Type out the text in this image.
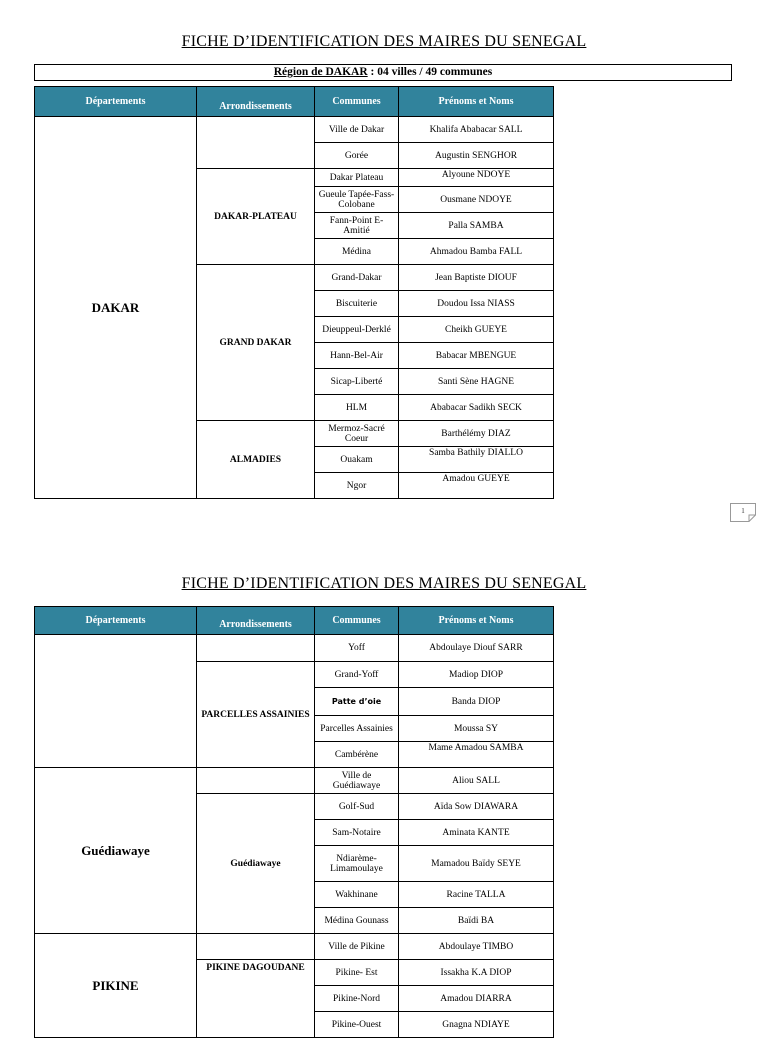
FICHE D’IDENTIFICATION DES MAIRES DU SENEGAL
Région de DAKAR : 04 villes / 49 communes
Départements	Arrondissements	Communes	Prénoms et Noms
DAKAR		Ville de Dakar	Khalifa Ababacar SALL
		Gorée	Augustin SENGHOR
	DAKAR-PLATEAU	Dakar Plateau	Alyoune NDOYE
		Gueule Tapée-Fass-Colobane	Ousmane NDOYE
		Fann-Point E-Amitié	Palla SAMBA
		Médina	Ahmadou Bamba FALL
	GRAND DAKAR	Grand-Dakar	Jean Baptiste DIOUF
		Biscuiterie	Doudou Issa NIASS
		Dieuppeul-Derklé	Cheikh GUEYE
		Hann-Bel-Air	Babacar MBENGUE
		Sicap-Liberté	Santi Sène HAGNE
		HLM	Ababacar Sadikh SECK
	ALMADIES	Mermoz-Sacré Coeur	Barthélémy DIAZ
		Ouakam	Samba Bathily DIALLO
		Ngor	Amadou GUEYE
1
FICHE D’IDENTIFICATION DES MAIRES DU SENEGAL
Départements	Arrondissements	Communes	Prénoms et Noms
		Yoff	Abdoulaye Diouf SARR
	PARCELLES ASSAINIES	Grand-Yoff	Madiop DIOP
		Patte d’oie	Banda DIOP
		Parcelles Assainies	Moussa SY
		Cambérène	Mame Amadou SAMBA
Guédiawaye		Ville de Guédiawaye	Aliou SALL
	Guédiawaye	Golf-Sud	Aïda Sow DIAWARA
		Sam-Notaire	Aminata KANTE
		Ndiarème-Limamoulaye	Mamadou Baïdy SEYE
		Wakhinane	Racine TALLA
		Médina Gounass	Baïdi BA
PIKINE		Ville de Pikine	Abdoulaye TIMBO
	PIKINE DAGOUDANE	Pikine- Est	Issakha K.A DIOP
		Pikine-Nord	Amadou DIARRA
		Pikine-Ouest	Gnagna NDIAYE
